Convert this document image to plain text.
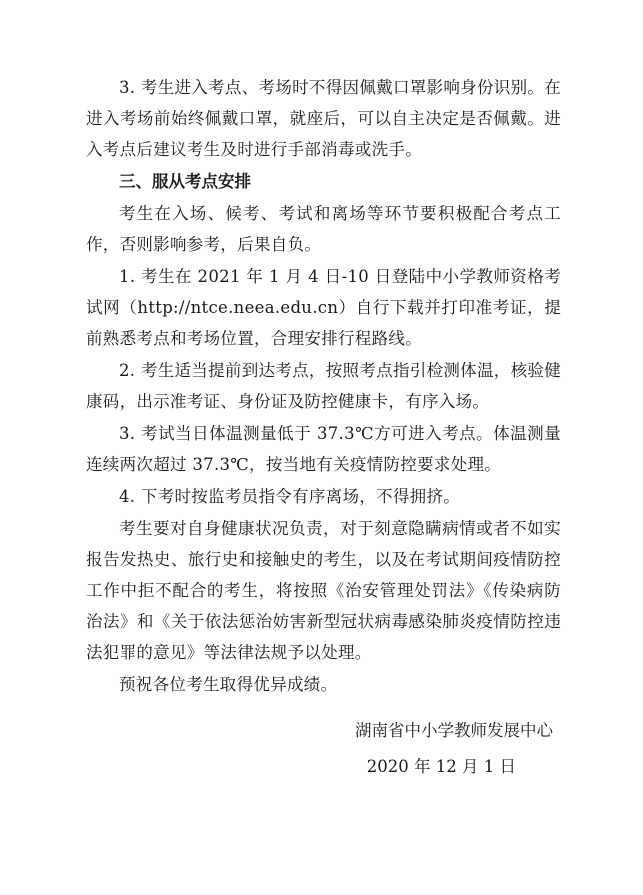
3. 考生进入考点、考场时不得因佩戴口罩影响身份识别。在进入考场前始终佩戴口罩，就座后，可以自主决定是否佩戴。进入考点后建议考生及时进行手部消毒或洗手。

三、服从考点安排

考生在入场、候考、考试和离场等环节要积极配合考点工作，否则影响参考，后果自负。

1. 考生在 2021 年 1 月 4 日-10 日登陆中小学教师资格考试网（http://ntce.neea.edu.cn）自行下载并打印准考证，提前熟悉考点和考场位置，合理安排行程路线。

2. 考生适当提前到达考点，按照考点指引检测体温，核验健康码，出示准考证、身份证及防控健康卡，有序入场。

3. 考试当日体温测量低于 37.3℃方可进入考点。体温测量连续两次超过 37.3℃，按当地有关疫情防控要求处理。

4. 下考时按监考员指令有序离场，不得拥挤。

考生要对自身健康状况负责，对于刻意隐瞒病情或者不如实报告发热史、旅行史和接触史的考生，以及在考试期间疫情防控工作中拒不配合的考生，将按照《治安管理处罚法》《传染病防治法》和《关于依法惩治妨害新型冠状病毒感染肺炎疫情防控违法犯罪的意见》等法律法规予以处理。

预祝各位考生取得优异成绩。

湖南省中小学教师发展中心
2020 年 12 月 1 日
